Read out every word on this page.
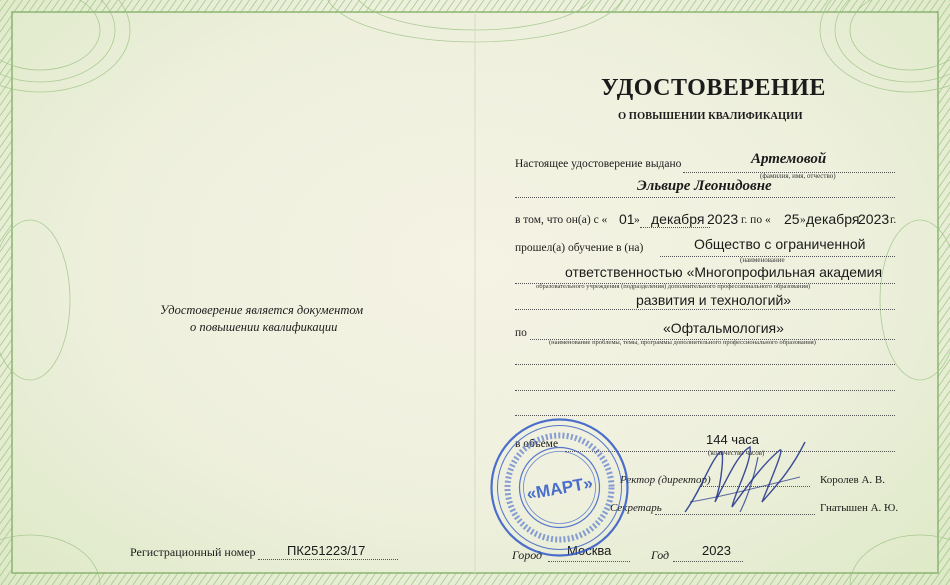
Удостоверение является документом
о повышении квалификации
Регистрационный номер ПК251223/17
УДОСТОВЕРЕНИЕ
О ПОВЫШЕНИИ КВАЛИФИКАЦИИ
Настоящее удостоверение выдано	Артемовой
(фамилия, имя, отчество)
Эльвире Леонидовне
в том, что он(а) с « 01 » декабря 2023 г. по « 25 » декабря
2023 г.
прошел(а) обучение в (на)	Общество с ограниченной
(наименование
ответственностью «Многопрофильная академия
образовательного учреждения (подразделения) дополнительного профессионального образования)
развития и технологий»
по	«Офтальмология»
(наименование проблемы, темы, программы дополнительного профессионального образования)
в объеме	144 часа
(количество часов)
Ректор (директор)	Королев А. В.
Секретарь	Гнатышен А. Ю.
Город Москва	Год	2023
«МАРТ»
